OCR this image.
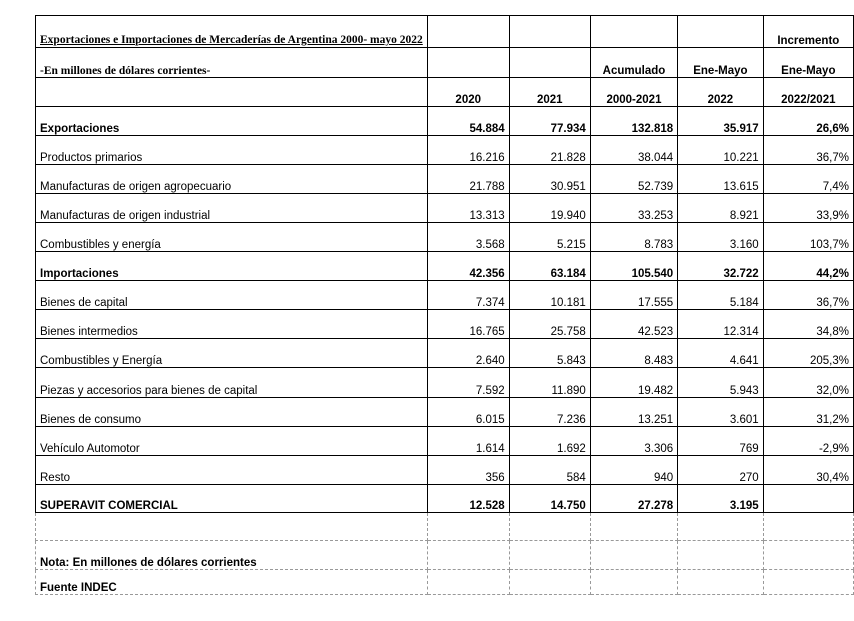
Exportaciones e Importaciones de Mercaderías de Argentina 2000- mayo 2022					Incremento
-En millones de dólares corrientes-			Acumulado	Ene-Mayo	Ene-Mayo
	2020	2021	2000-2021	2022	2022/2021
Exportaciones	54.884	77.934	132.818	35.917	26,6%
Productos primarios	16.216	21.828	38.044	10.221	36,7%
Manufacturas de origen agropecuario	21.788	30.951	52.739	13.615	7,4%
Manufacturas de origen industrial	13.313	19.940	33.253	8.921	33,9%
Combustibles y energía	3.568	5.215	8.783	3.160	103,7%
Importaciones	42.356	63.184	105.540	32.722	44,2%
Bienes de capital	7.374	10.181	17.555	5.184	36,7%
Bienes intermedios	16.765	25.758	42.523	12.314	34,8%
Combustibles y Energía	2.640	5.843	8.483	4.641	205,3%
Piezas y accesorios para bienes de capital	7.592	11.890	19.482	5.943	32,0%
Bienes de consumo	6.015	7.236	13.251	3.601	31,2%
Vehículo Automotor	1.614	1.692	3.306	769	-2,9%
Resto	356	584	940	270	30,4%
SUPERAVIT COMERCIAL	12.528	14.750	27.278	3.195	

Nota: En millones de dólares corrientes					
Fuente INDEC					
